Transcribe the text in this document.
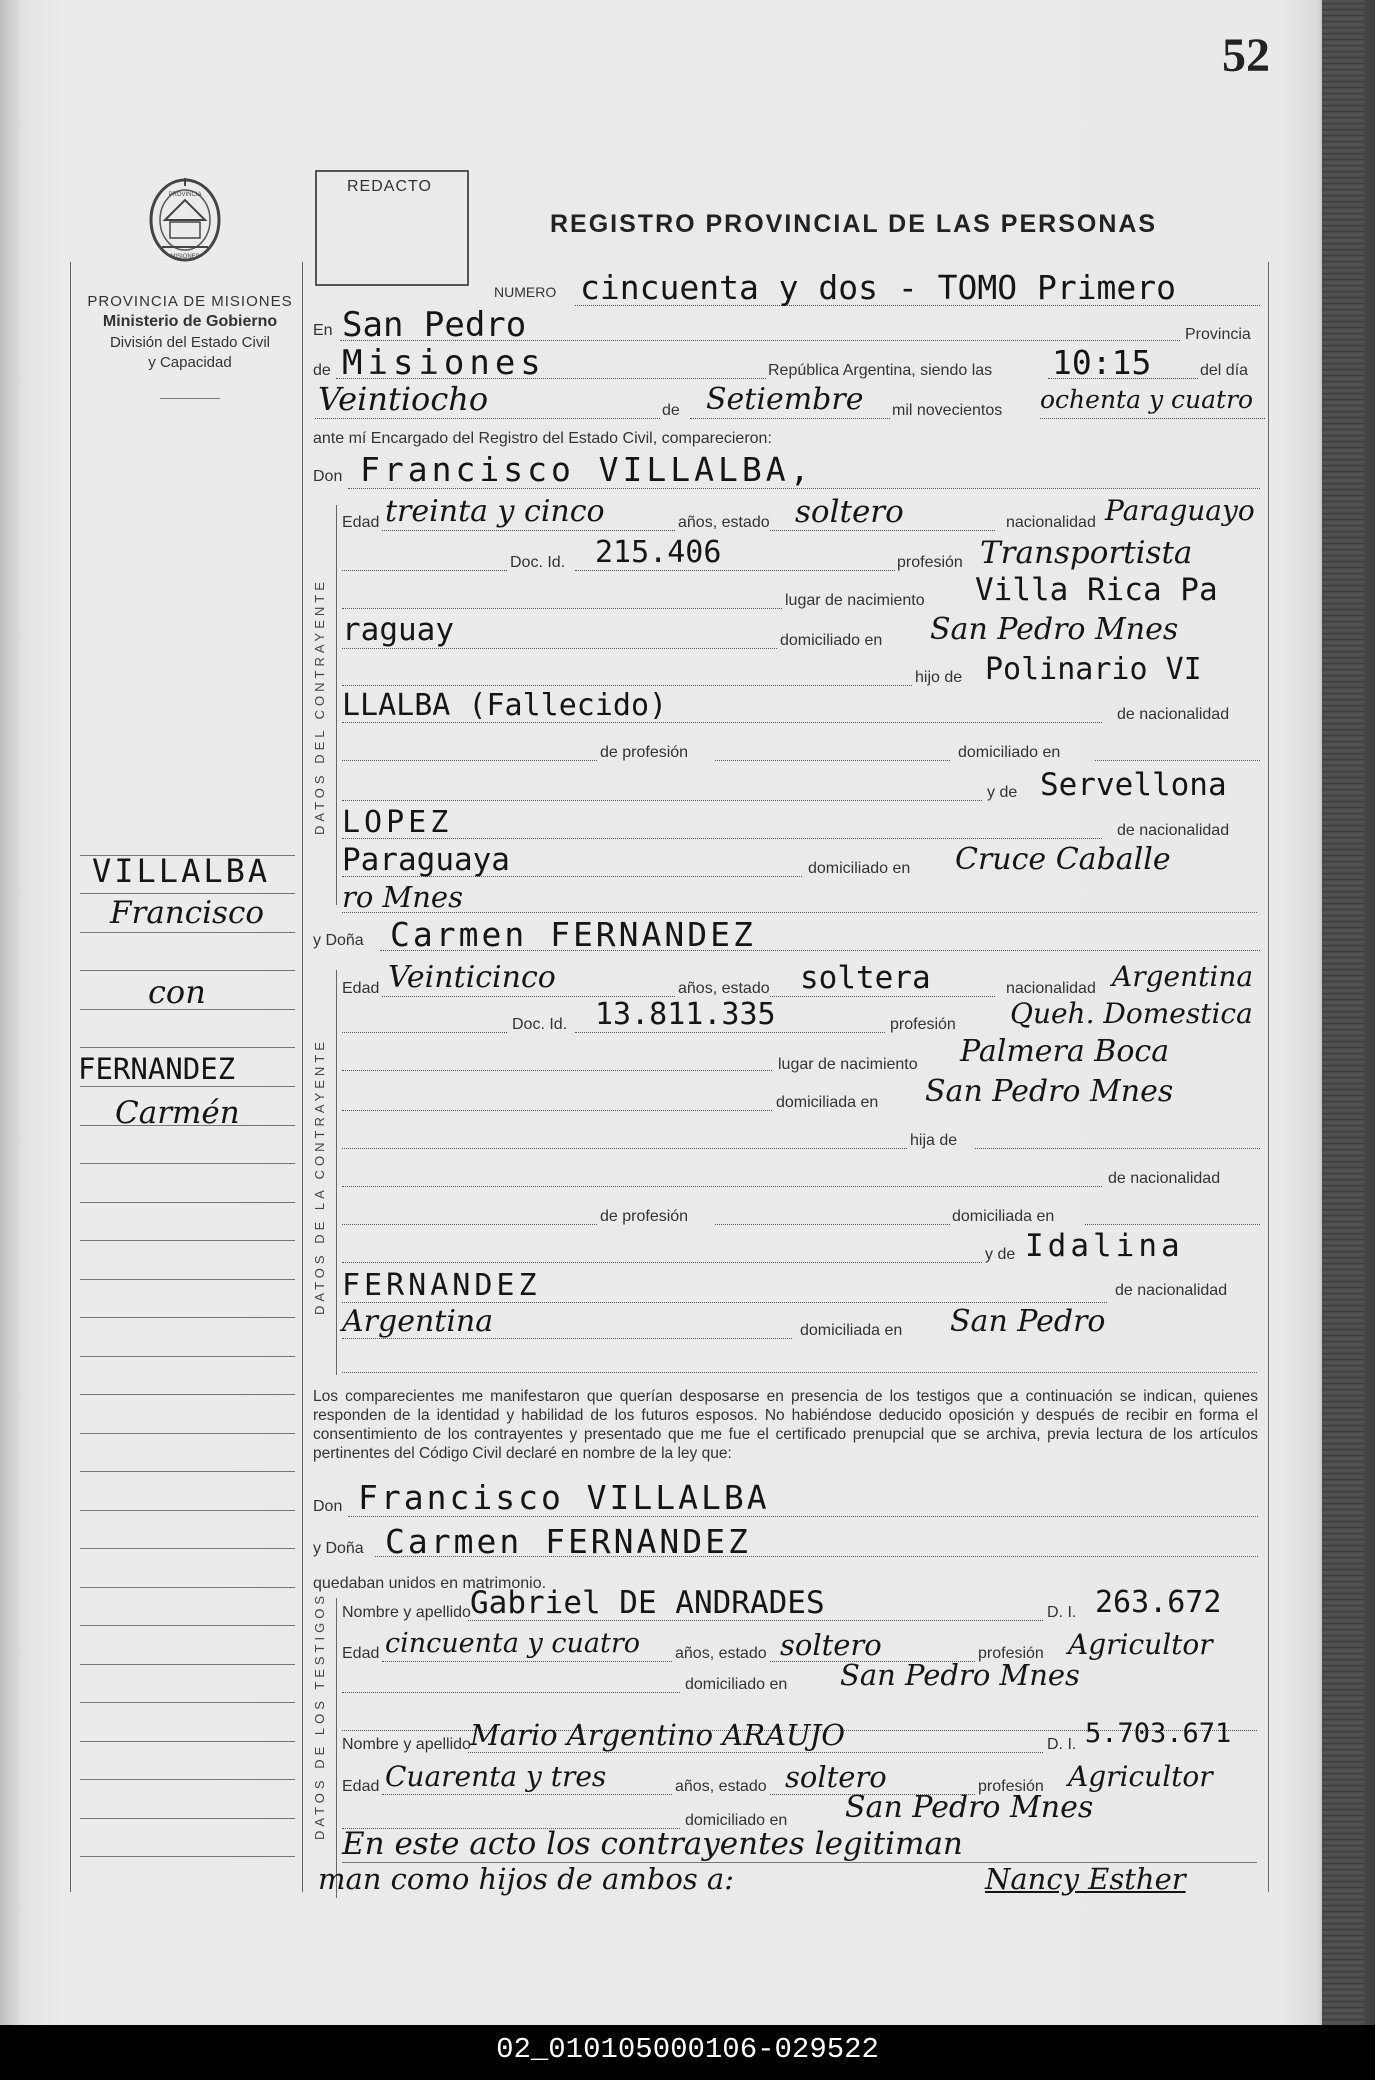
02_010105000106-029522
52
PROVINCIA
MISIONES
PROVINCIA DE MISIONES
Ministerio de Gobierno
División del Estado Civil
y Capacidad
REDACTO
REGISTRO PROVINCIAL DE LAS PERSONAS
VILLALBA
Francisco
con
FERNANDEZ
Carmén
NUMERO cincuenta y dos - TOMO Primero
En San Pedro	Provincia
de Misiones	República Argentina, siendo las 10:15	del día
Veintiocho	de Setiembre mil novecientos ochenta y cuatro
ante mí Encargado del Registro del Estado Civil, comparecieron:
Don Francisco VILLALBA,
DATOS DEL CONTRAYENTE
Edad treinta y cinco	años, estado soltero	nacionalidad Paraguayo
Doc. Id. 215.406	profesión Transportista
lugar de nacimiento Villa Rica Pa
raguay	domiciliado en San Pedro Mnes
hijo de Polinario VI
LLALBA (Fallecido)	de nacionalidad
de profesión	domiciliado en
y de Servellona
LOPEZ	de nacionalidad
Paraguaya	domiciliado en Cruce Caballe
ro Mnes
y Doña Carmen FERNANDEZ
DATOS DE LA CONTRAYENTE
Edad Veinticinco	años, estado soltera	nacionalidad Argentina
Doc. Id. 13.811.335	profesión Queh. Domestica
lugar de nacimiento Palmera Boca
domiciliada en San Pedro Mnes
hija de
de nacionalidad
de profesión	domiciliada en
y de Idalina
FERNANDEZ	de nacionalidad
Argentina	domiciliada en San Pedro
Los comparecientes me manifestaron que querían desposarse en presencia de los testigos que a continuación se indican, quienes responden de la identidad y habilidad de los futuros esposos. No habiéndose deducido oposición y después de recibir en forma el consentimiento de los contrayentes y presentado que me fue el certificado prenupcial que se archiva, previa lectura de los artículos pertinentes del Código Civil declaré en nombre de la ley que:
Don Francisco VILLALBA
y Doña Carmen FERNANDEZ
quedaban unidos en matrimonio.
DATOS DE LOS TESTIGOS Nombre y apellido Gabriel DE ANDRADES	D. I. 263.672
Edad cincuenta y cuatro años, estado soltero	profesión Agricultor
domiciliado en San Pedro Mnes
Nombre y apellido Mario Argentino ARAUJO	D. I. 5.703.671
Edad Cuarenta y tres	años, estado soltero	profesión Agricultor
domiciliado en San Pedro Mnes
En este acto los contrayentes legitiman
man como hijos de ambos a:	Nancy Esther
